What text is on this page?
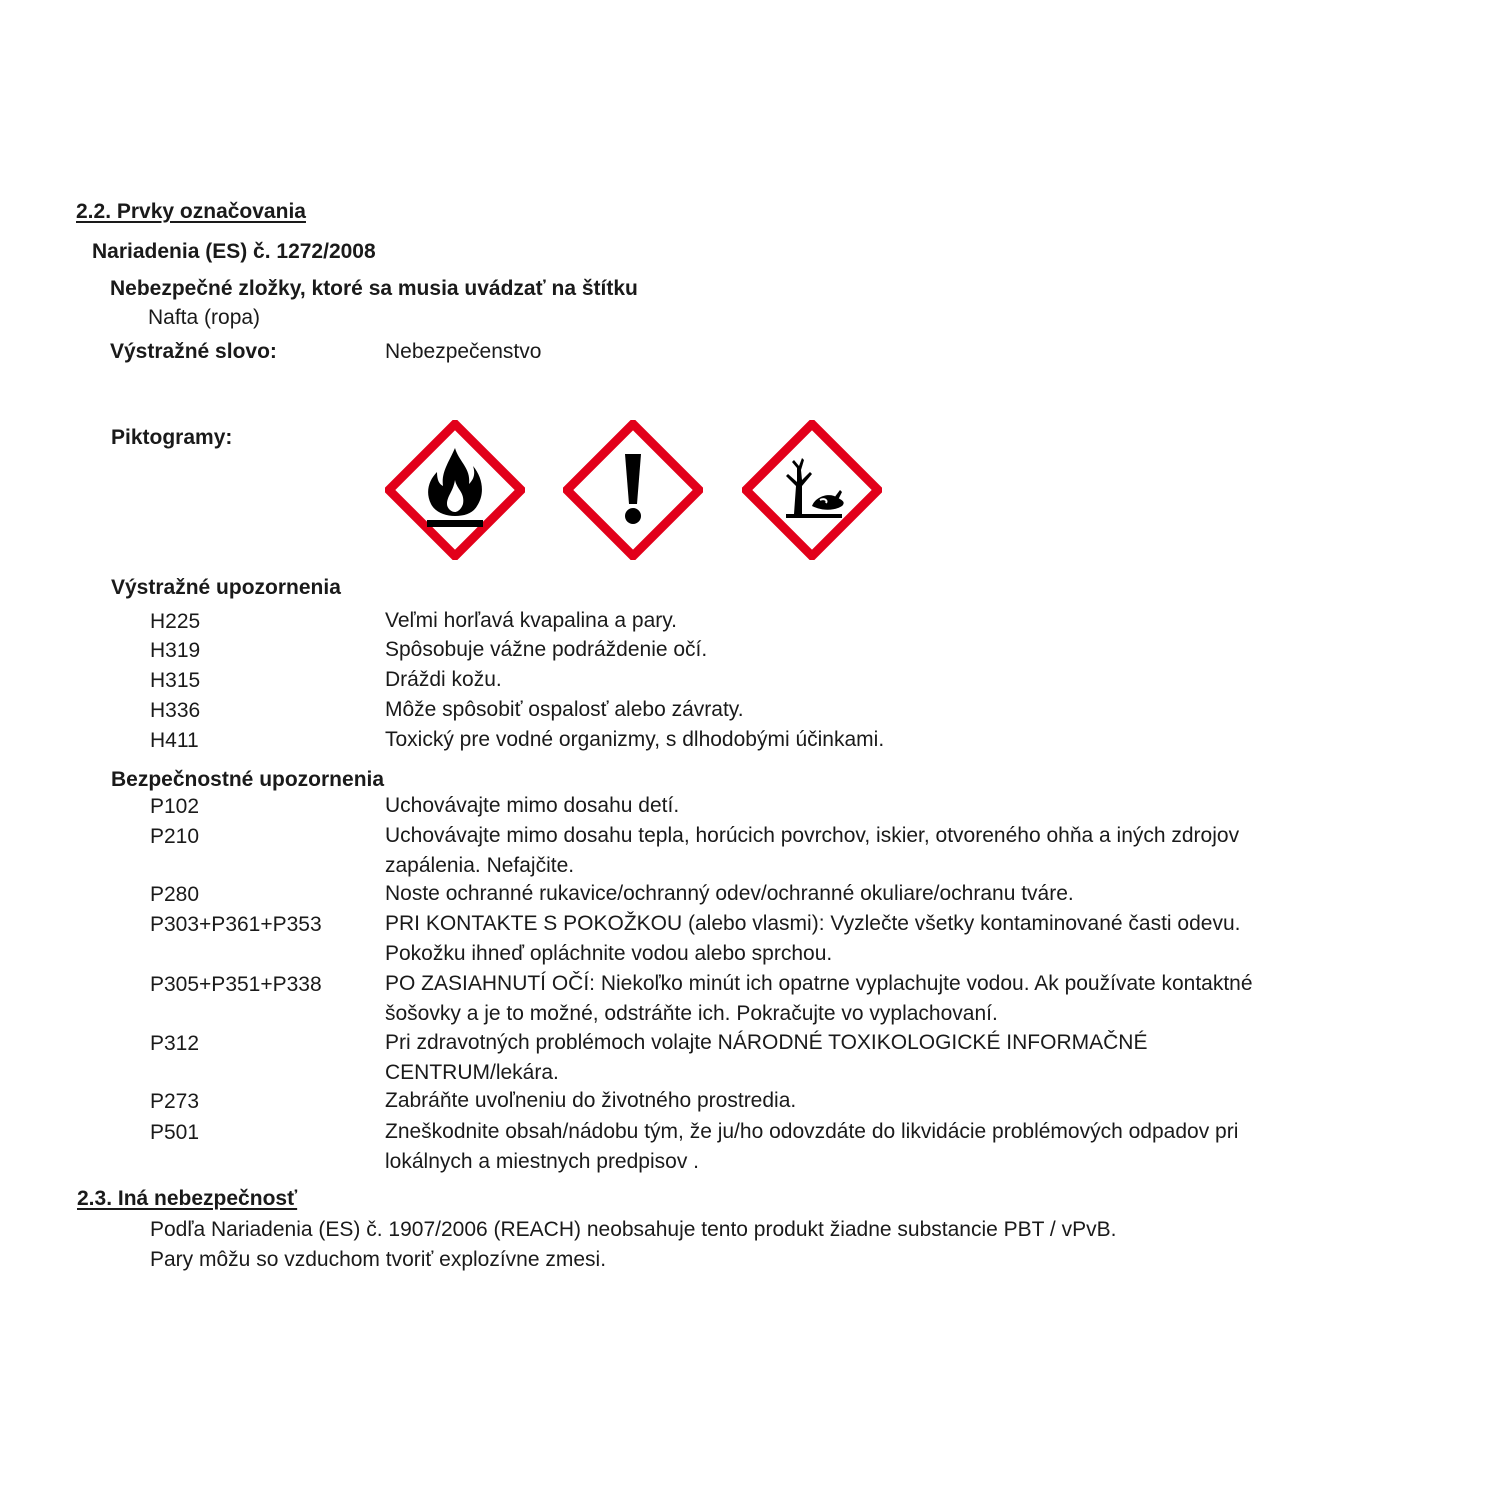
2.2. Prvky označovania
Nariadenia (ES) č. 1272/2008
Nebezpečné zložky, ktoré sa musia uvádzať na štítku
Nafta (ropa)
Výstražné slovo:	Nebezpečenstvo
Piktogramy:
Výstražné upozornenia
H225	Veľmi horľavá kvapalina a pary.
H319	Spôsobuje vážne podráždenie očí.
H315	Dráždi kožu.
H336	Môže spôsobiť ospalosť alebo závraty.
H411	Toxický pre vodné organizmy, s dlhodobými účinkami.
Bezpečnostné upozornenia
P102	Uchovávajte mimo dosahu detí.
P210	Uchovávajte mimo dosahu tepla, horúcich povrchov, iskier, otvoreného ohňa a iných zdrojov zapálenia. Nefajčite.
P280	Noste ochranné rukavice/ochranný odev/ochranné okuliare/ochranu tváre.
P303+P361+P353	PRI KONTAKTE S POKOŽKOU (alebo vlasmi): Vyzlečte všetky kontaminované časti odevu. Pokožku ihneď opláchnite vodou alebo sprchou.
P305+P351+P338	PO ZASIAHNUTÍ OČÍ: Niekoľko minút ich opatrne vyplachujte vodou. Ak používate kontaktné šošovky a je to možné, odstráňte ich. Pokračujte vo vyplachovaní.
P312	Pri zdravotných problémoch volajte NÁRODNÉ TOXIKOLOGICKÉ INFORMAČNÉ CENTRUM/lekára.
P273	Zabráňte uvoľneniu do životného prostredia.
P501	Zneškodnite obsah/nádobu tým, že ju/ho odovzdáte do likvidácie problémových odpadov pri lokálnych a miestnych predpisov .
2.3. Iná nebezpečnosť
Podľa Nariadenia (ES) č. 1907/2006 (REACH) neobsahuje tento produkt žiadne substancie PBT / vPvB.
Pary môžu so vzduchom tvoriť explozívne zmesi.
